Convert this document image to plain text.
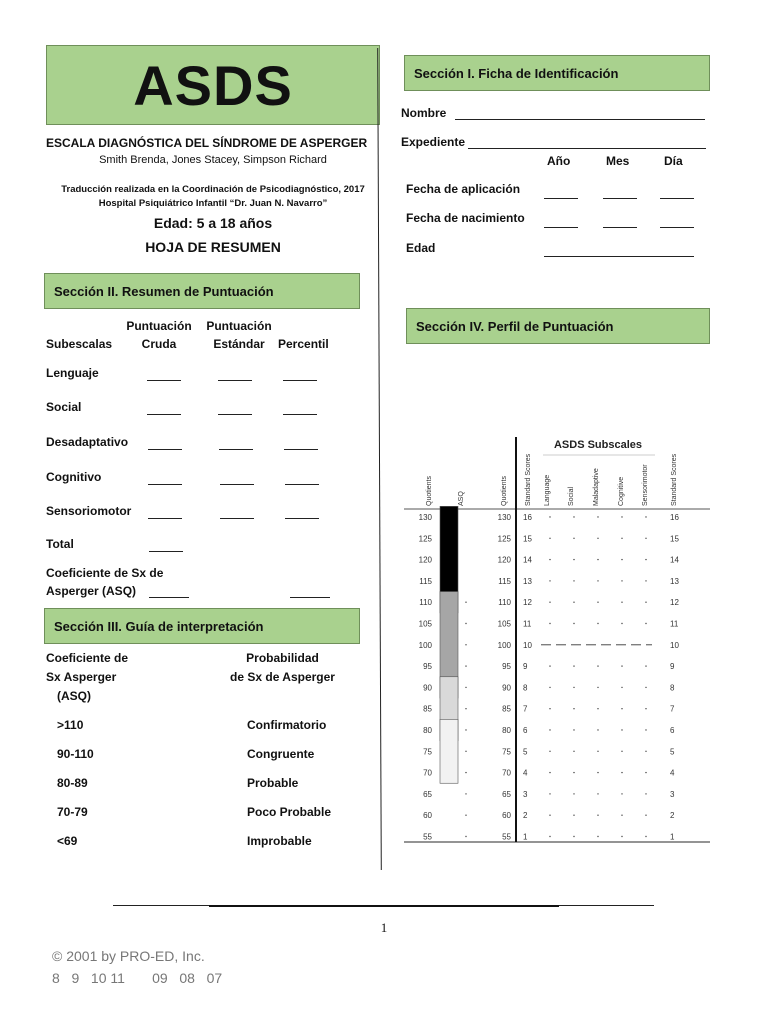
ASDS
ESCALA DIAGNÓSTICA DEL SÍNDROME DE ASPERGER
Smith Brenda, Jones Stacey, Simpson Richard
Traducción realizada en la Coordinación de Psicodiagnóstico, 2017
Hospital Psiquiátrico Infantil “Dr. Juan N. Navarro”
Edad: 5 a 18 años
HOJA DE RESUMEN
Sección II. Resumen de Puntuación
Subescalas
Puntuación
Cruda
Puntuación
Estándar	Percentil
Lenguaje
Social
Desadaptativo
Cognitivo
Sensoriomotor
Total
Coeficiente de Sx de
Asperger (ASQ)
Sección III. Guía de interpretación
Coeficiente de
Sx Asperger
(ASQ)
Probabilidad
de Sx de Asperger
>110	Confirmatorio
90-110	Congruente
80-89	Probable
70-79	Poco Probable
<69	Improbable
Sección I. Ficha de Identificación
Nombre
Expediente
Año	Mes	Día
Fecha de aplicación
Fecha de nacimiento
Edad
Sección IV. Perfil de Puntuación
ASDS Subscales
Quotients	ASQ	Quotients Standard Scores Language Social	Maladaptive	Cognitive Sensorimotor	Standard Scores
130	130
125	125
120	120
115	115
110	110
105	105
100	100
95	95
90	90
85	85
80	80
75	75
70	70
65	65
60	60
55	55
16	16
15	15
14	14
13	13
12	12
11	11
10	10
9	9
8	8
7	7
6	6
5	5
4	4
3	3
2	2
1	1
1
© 2001 by PRO-ED, Inc.
8   9   10 11       09   08   07
